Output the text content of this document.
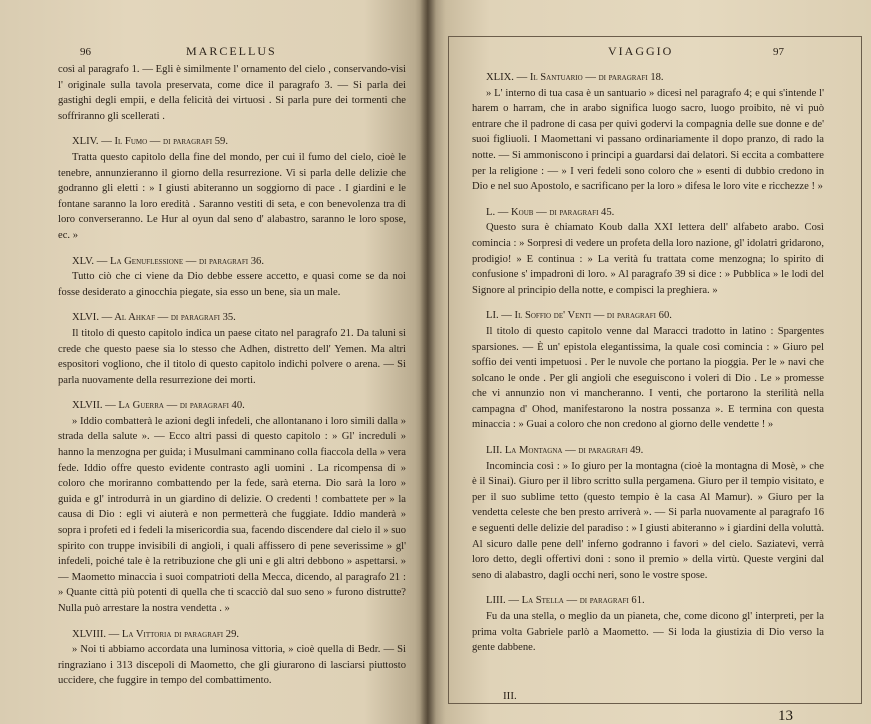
96	MARCELLUS

così al paragrafo 1. — Egli è similmente l' ornamento del cielo , conservando-visi l' originale sulla tavola preservata, come dice il paragrafo 3. — Si parla dei gastighi degli empii, e della felicità dei virtuosi . Si parla pure dei tormenti che soffriranno gli scellerati .

XLIV. — Il Fumo — di paragrafi 59.

Tratta questo capitolo della fine del mondo, per cui il fumo del cielo, cioè le tenebre, annunzieranno il giorno della resurrezione. Vi si parla delle delizie che godranno gli eletti : » I giusti abiteranno un soggiorno di pace . I giardini e le fontane saranno la loro eredità . Saranno vestiti di seta, e con benevolenza tra di loro converseranno. Le Hur al oyun dal seno d' alabastro, saranno le loro spose, ec. »

XLV. — La Genuflessione — di paragrafi 36.

Tutto ciò che ci viene da Dio debbe essere accetto, e quasi come se da noi fosse desiderato a ginocchia piegate, sia esso un bene, sia un male.

XLVI. — Al Ahkaf — di paragrafi 35.

Il titolo di questo capitolo indica un paese citato nel paragrafo 21. Da taluni si crede che questo paese sia lo stesso che Adhen, distretto dell' Yemen. Ma altri espositori vogliono, che il titolo di questo capitolo indichi polvere o arena. — Si parla nuovamente della resurrezione dei morti.

XLVII. — La Guerra — di paragrafi 40.

» Iddio combatterà le azioni degli infedeli, che allontanano i loro simili dalla » strada della salute ». — Ecco altri passi di questo capitolo : » Gl' incredulі » hanno la menzogna per guida; i Musulmani camminano colla fiaccola della » vera fede. Iddio offre questo evidente contrasto agli uomini . La ricompensa di » coloro che moriranno combattendo per la fede, sarà eterna. Dio sarà la loro » guida e gl' introdurrà in un giardino di delizie. O credenti ! combattete per » la causa di Dio : egli vi aiuterà e non permetterà che fuggiate. Iddio manderà » sopra i profeti ed i fedeli la misericordia sua, facendo discendere dal cielo il » suo spirito con truppe invisibili di angioli, i quali affissero di pene severissime » gl' infedeli, poiché tale è la retribuzione che gli uni e gli altri debbono » aspettarsi. » — Maometto minaccia i suoi compatrioti della Mecca, dicendo, al paragrafo 21 : » Quante città più potenti di quella che ti scacciò dal suo seno » furono distrutte? Nulla può arrestare la nostra vendetta . »

XLVIII. — La Vittoria di paragrafi 29.

» Noi ti abbiamo accordata una luminosa vittoria, » cioè quella di Bedr. — Si ringraziano i 313 discepoli di Maometto, che gli giurarono di lasciarsi piuttosto uccidere, che fuggire in tempo del combattimento.

VIAGGIO	97

XLIX. — Il Santuario — di paragrafi 18.

» L' interno di tua casa è un santuario » dicesi nel paragrafo 4; e qui s'intende l' harem o harram, che in arabo significa luogo sacro, luogo proibito, nè vi può entrare che il padrone di casa per quivi godervi la compagnia delle sue donne e de' suoi figliuoli. I Maomettani vi passano ordinariamente il dopo pranzo, di rado la notte. — Si ammoniscono i principi a guardarsi dai delatori. Si eccita a combattere per la religione : — » I veri fedeli sono coloro che » esenti di dubbio credono in Dio e nel suo Apostolo, e sacrificano per la loro » difesa le loro vite e ricchezze ! »

L. — Koub — di paragrafi 45.

Questo sura è chiamato Koub dalla XXI lettera dell' alfabeto arabo. Così comincia : » Sorpresi di vedere un profeta della loro nazione, gl' idolatri gridarono, prodigio! » E continua : » La verità fu trattata come menzogna; lo spirito di confusione s' impadronì di loro. » Al paragrafo 39 si dice : » Pubblica » le lodi del Signore al principio della notte, e compisci la preghiera. »

LI. — Il Soffio de' Venti — di paragrafi 60.

Il titolo di questo capitolo venne dal Maracci tradotto in latino : Spargentes sparsiones. — È un' epistola elegantissima, la quale così comincia : » Giuro pel soffio dei venti impetuosi . Per le nuvole che portano la pioggia. Per le » navi che solcano le onde . Per gli angioli che eseguiscono i voleri di Dio . Le » promesse che vi annunzio non vi mancheranno. I venti, che portarono la sterilità nella campagna d' Ohod, manifestarono la nostra possanza ». E termina con questa minaccia : » Guai a coloro che non credono al giorno delle vendette ! »

LII. La Montagna — di paragrafi 49.

Incomincia così : » Io giuro per la montagna (cioè la montagna di Mosè, » che è il Sinai). Giuro per il libro scritto sulla pergamena. Giuro per il tempio visitato, e per il suo sublime tetto (questo tempio è la casa Al Mamur). » Giuro per la vendetta celeste che ben presto arriverà ». — Si parla nuovamente al paragrafo 16 e seguenti delle delizie del paradiso : » I giusti abiteranno » i giardini della voluttà. Al sicuro dalle pene dell' inferno godranno i favori » del cielo. Saziatevi, verrà loro detto, degli offertivi doni : sono il premio » della virtù. Queste vergini dal seno di alabastro, dagli occhi neri, sono le vostre spose.

LIII. — La Stella — di paragrafi 61.

Fu da una stella, o meglio da un pianeta, che, come dicono gl' interpreti, per la prima volta Gabriele parlò a Maometto. — Si loda la giustizia di Dio verso la gente dabbene.

III.
13
